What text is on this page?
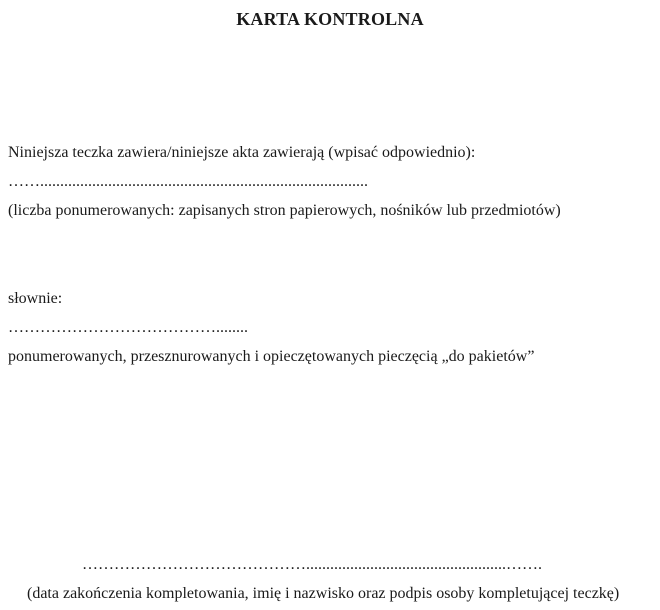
KARTA KONTROLNA
Niniejsza teczka zawiera/niniejsze akta zawierają (wpisać odpowiednio):
……..................................................................................
(liczba ponumerowanych: zapisanych stron papierowych, nośników lub przedmiotów)
słownie:
…………………………………........
ponumerowanych, przesznurowanych i opieczętowanych pieczęcią „do pakietów”
……………………………………..................................................…….
(data zakończenia kompletowania, imię i nazwisko oraz podpis osoby kompletującej teczkę)
